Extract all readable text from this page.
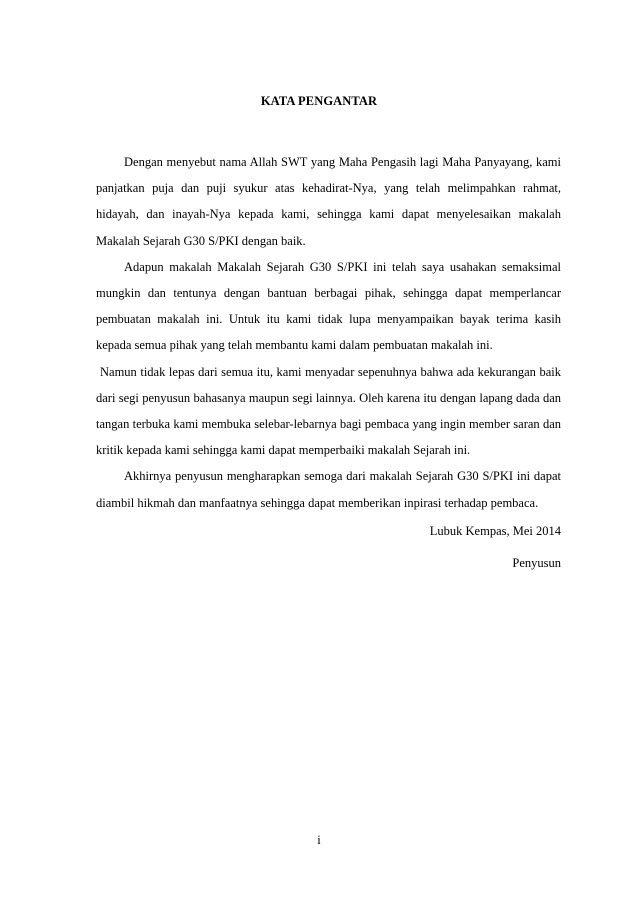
KATA PENGANTAR

Dengan menyebut nama Allah SWT yang Maha Pengasih lagi Maha Panyayang, kami panjatkan puja dan puji syukur atas kehadirat-Nya, yang telah melimpahkan rahmat, hidayah, dan inayah-Nya kepada kami, sehingga kami dapat menyelesaikan makalah Makalah Sejarah G30 S/PKI dengan baik.

Adapun makalah Makalah Sejarah G30 S/PKI ini telah saya usahakan semaksimal mungkin dan tentunya dengan bantuan berbagai pihak, sehingga dapat memperlancar pembuatan makalah ini. Untuk itu kami tidak lupa menyampaikan bayak terima kasih kepada semua pihak yang telah membantu kami dalam pembuatan makalah ini.

Namun tidak lepas dari semua itu, kami menyadar sepenuhnya bahwa ada kekurangan baik dari segi penyusun bahasanya maupun segi lainnya. Oleh karena itu dengan lapang dada dan tangan terbuka kami membuka selebar-lebarnya bagi pembaca yang ingin member saran dan kritik kepada kami sehingga kami dapat memperbaiki makalah Sejarah ini.

Akhirnya penyusun mengharapkan semoga dari makalah Sejarah G30 S/PKI ini dapat diambil hikmah dan manfaatnya sehingga dapat memberikan inpirasi terhadap pembaca.

Lubuk Kempas, Mei 2014
Penyusun
i
